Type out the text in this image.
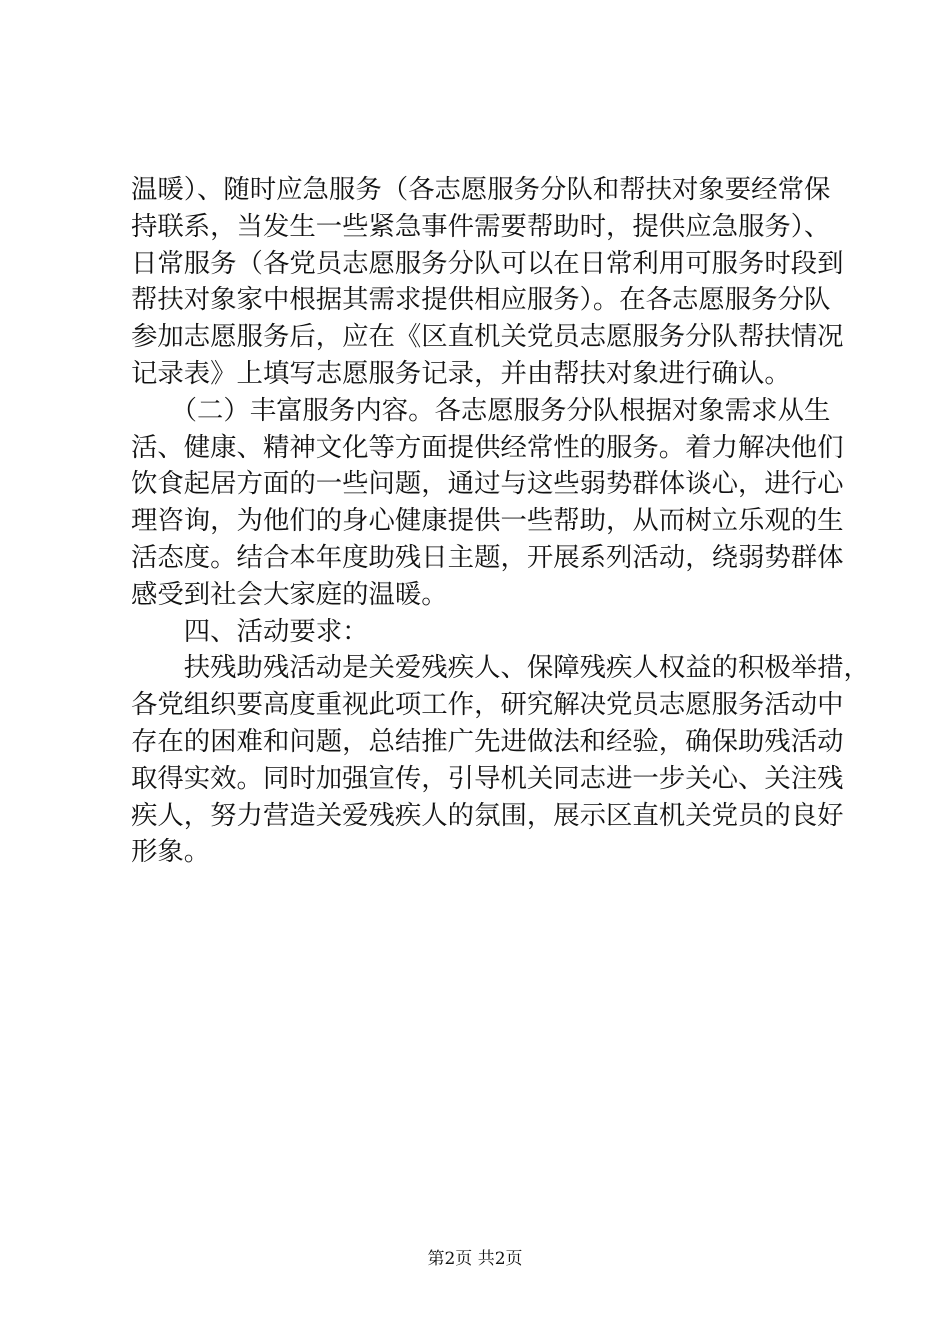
温暖）、随时应急服务（各志愿服务分队和帮扶对象要经常保
持联系，当发生一些紧急事件需要帮助时，提供应急服务）、
日常服务（各党员志愿服务分队可以在日常利用可服务时段到
帮扶对象家中根据其需求提供相应服务）。在各志愿服务分队
参加志愿服务后，应在《区直机关党员志愿服务分队帮扶情况
记录表》上填写志愿服务记录，并由帮扶对象进行确认。
　　（二）丰富服务内容。各志愿服务分队根据对象需求从生
活、健康、精神文化等方面提供经常性的服务。着力解决他们
饮食起居方面的一些问题，通过与这些弱势群体谈心，进行心
理咨询，为他们的身心健康提供一些帮助，从而树立乐观的生
活态度。结合本年度助残日主题，开展系列活动，绕弱势群体
感受到社会大家庭的温暖。
　　四、活动要求：
　　扶残助残活动是关爱残疾人、保障残疾人权益的积极举措，
各党组织要高度重视此项工作，研究解决党员志愿服务活动中
存在的困难和问题，总结推广先进做法和经验，确保助残活动
取得实效。同时加强宣传，引导机关同志进一步关心、关注残
疾人，努力营造关爱残疾人的氛围，展示区直机关党员的良好
形象。
第2页 共2页
